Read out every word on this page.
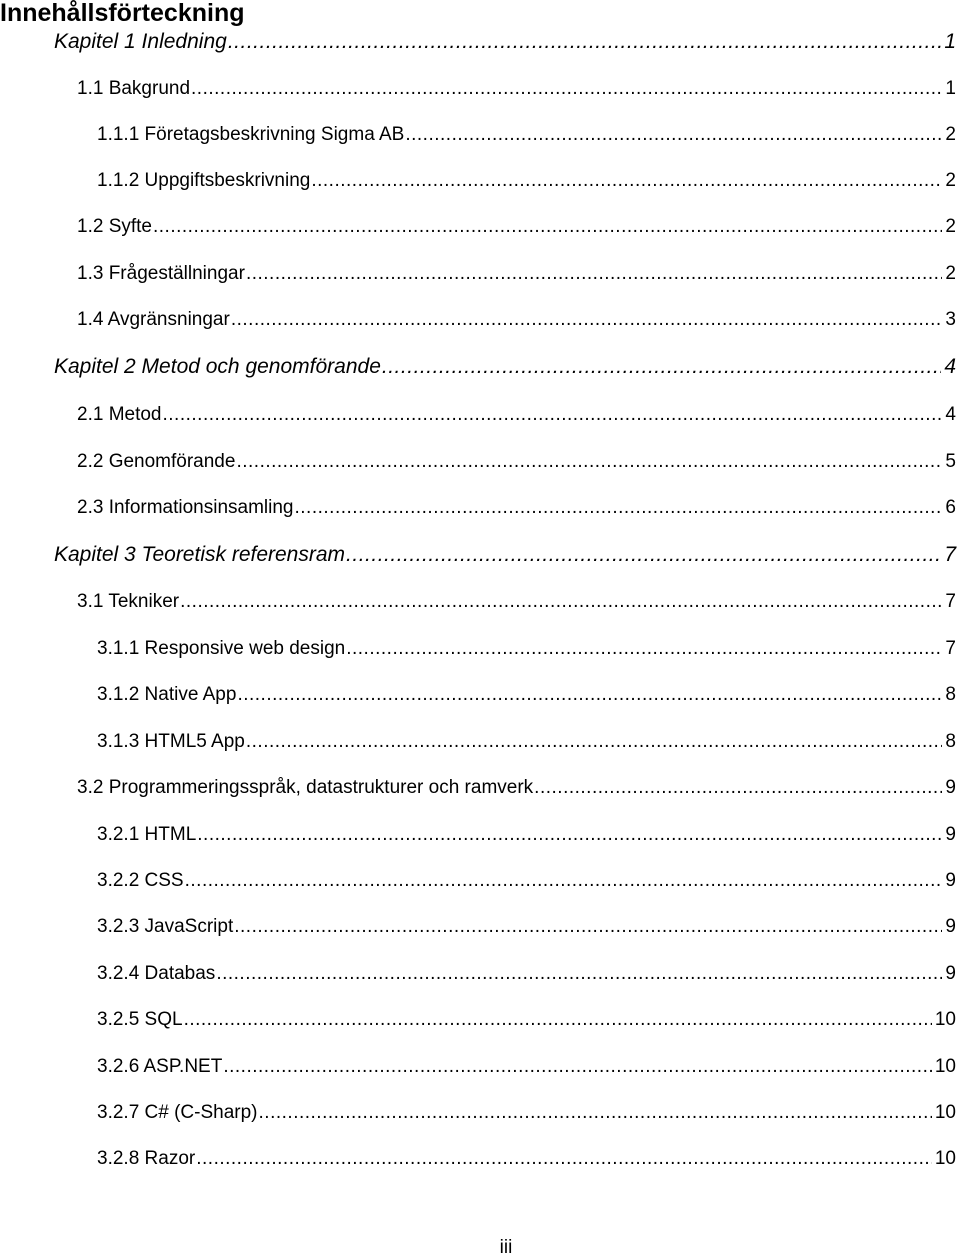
Innehållsförteckning
Kapitel 1 Inledning .....	1
1.1 Bakgrund .....	1
1.1.1 Företagsbeskrivning Sigma AB .....	2
1.1.2 Uppgiftsbeskrivning .....	2
1.2 Syfte .....	2
1.3 Frågeställningar .....	2
1.4 Avgränsningar .....	3
Kapitel 2 Metod och genomförande .....	4
2.1 Metod .....	4
2.2 Genomförande .....	5
2.3 Informationsinsamling .....	6
Kapitel 3 Teoretisk referensram .....	7
3.1 Tekniker .....	7
3.1.1 Responsive web design .....	7
3.1.2 Native App .....	8
3.1.3 HTML5 App .....	8
3.2 Programmeringsspråk, datastrukturer och ramverk .....	9
3.2.1 HTML .....	9
3.2.2 CSS .....	9
3.2.3 JavaScript .....	9
3.2.4 Databas .....	9
3.2.5 SQL .....	10
3.2.6 ASP.NET .....	10
3.2.7 C# (C-Sharp) .....	10
3.2.8 Razor .....	10
iii
